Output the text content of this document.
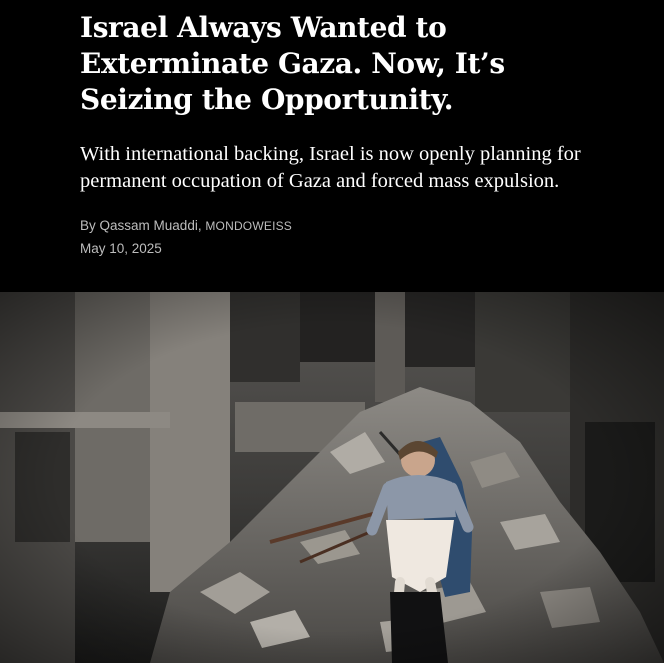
Israel Always Wanted to
Exterminate Gaza. Now, It’s
Seizing the Opportunity.

With international backing, Israel is now openly planning for
permanent occupation of Gaza and forced mass expulsion.

By Qassam Muaddi, MONDOWEISS

May 10, 2025
